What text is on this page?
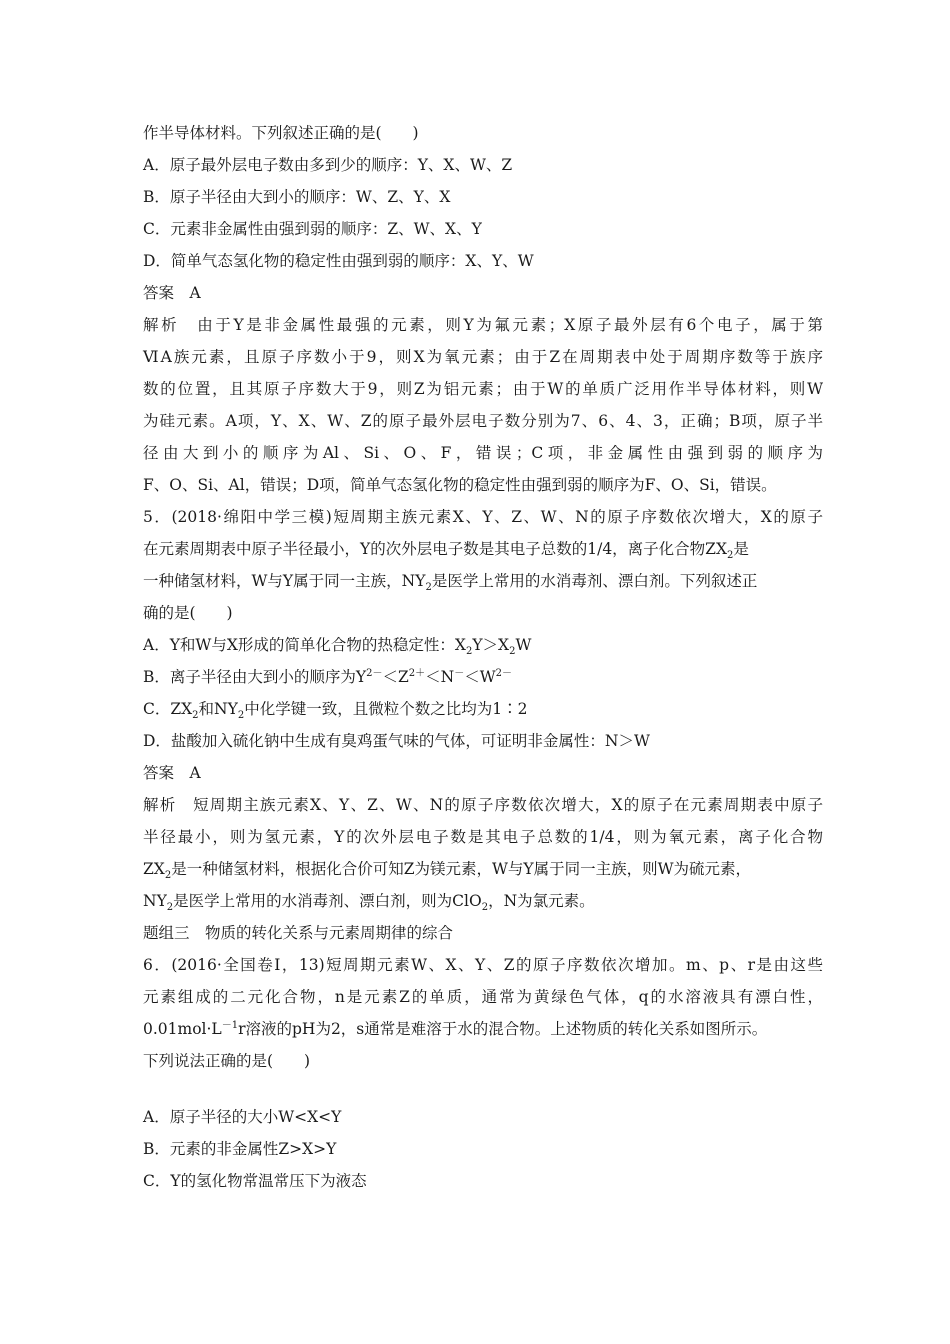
作半导体材料。下列叙述正确的是(　　)
A．原子最外层电子数由多到少的顺序：Y、X、W、Z
B．原子半径由大到小的顺序：W、Z、Y、X
C．元素非金属性由强到弱的顺序：Z、W、X、Y
D．简单气态氢化物的稳定性由强到弱的顺序：X、Y、W
答案　A
解析　由于Y是非金属性最强的元素，则Y为氟元素；X原子最外层有6个电子，属于第
ⅥA族元素，且原子序数小于9，则X为氧元素；由于Z在周期表中处于周期序数等于族序
数的位置，且其原子序数大于9，则Z为铝元素；由于W的单质广泛用作半导体材料，则W
为硅元素。A项，Y、X、W、Z的原子最外层电子数分别为7、6、4、3，正确；B项，原子半
径由大到小的顺序为Al、Si、O、F，错误；C项，非金属性由强到弱的顺序为
F、O、Si、Al，错误；D项，简单气态氢化物的稳定性由强到弱的顺序为F、O、Si，错误。
5．(2018·绵阳中学三模)短周期主族元素X、Y、Z、W、N的原子序数依次增大，X的原子
在元素周期表中原子半径最小，Y的次外层电子数是其电子总数的1/4，离子化合物$ZX_2$是
一种储氢材料，W与Y属于同一主族，$NY_2$是医学上常用的水消毒剂、漂白剂。下列叙述正
确的是(　　)
A．Y和W与X形成的简单化合物的热稳定性：$X_2Y>X_2W$
B．离子半径由大到小的顺序为$Y^{2-}<Z^{2+}<N^-<W^{2-}$
C．$ZX_2$和$NY_2$中化学键一致，且微粒个数之比均为1∶2
D．盐酸加入硫化钠中生成有臭鸡蛋气味的气体，可证明非金属性：N＞W
答案　A
解析　短周期主族元素X、Y、Z、W、N的原子序数依次增大，X的原子在元素周期表中原子
半径最小，则为氢元素，Y的次外层电子数是其电子总数的1/4，则为氧元素，离子化合物
$ZX_2$是一种储氢材料，根据化合价可知Z为镁元素，W与Y属于同一主族，则W为硫元素，
$NY_2$是医学上常用的水消毒剂、漂白剂，则为ClO$_2$，N为氯元素。
题组三　物质的转化关系与元素周期律的综合
6．(2016·全国卷Ⅰ，13)短周期元素W、X、Y、Z的原子序数依次增加。m、p、r是由这些
元素组成的二元化合物，n是元素Z的单质，通常为黄绿色气体，q的水溶液具有漂白性，
$0.01mol\cdot L^{-1}r$溶液的pH为2，s通常是难溶于水的混合物。上述物质的转化关系如图所示。
下列说法正确的是(　　)
A．原子半径的大小W<X<Y
B．元素的非金属性Z>X>Y
C．Y的氢化物常温常压下为液态
